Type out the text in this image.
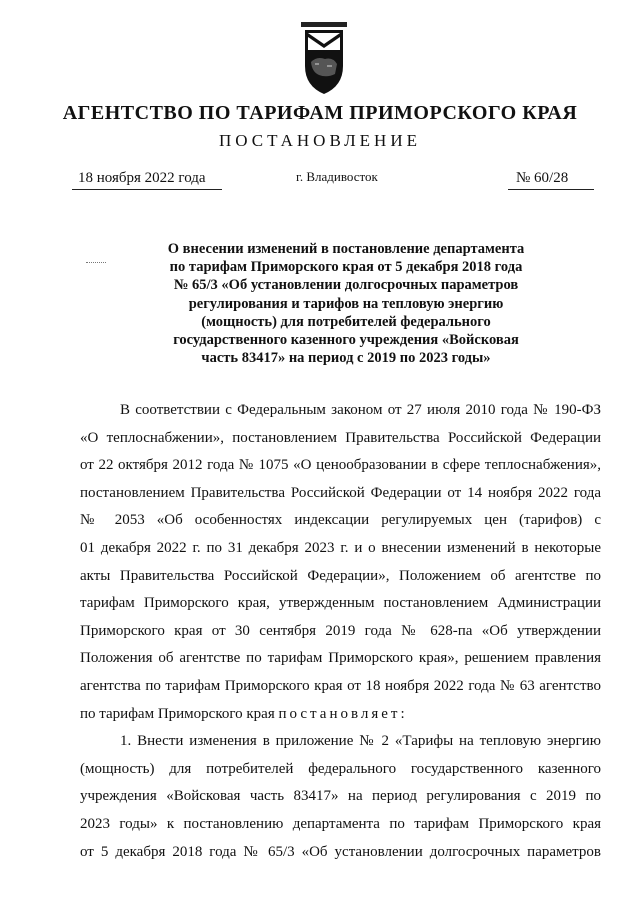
АГЕНТСТВО ПО ТАРИФАМ ПРИМОРСКОГО КРАЯ
ПОСТАНОВЛЕНИЕ
18 ноября 2022 года	г. Владивосток	№ 60/28
О внесении изменений в постановление департамента
по тарифам Приморского края от 5 декабря 2018 года
№ 65/3 «Об установлении долгосрочных параметров
регулирования и тарифов на тепловую энергию
(мощность) для потребителей федерального
государственного казенного учреждения «Войсковая
часть 83417» на период с 2019 по 2023 годы»
В соответствии с Федеральным законом от 27 июля 2010 года № 190-ФЗ
«О теплоснабжении», постановлением Правительства Российской Федерации
от 22 октября 2012 года № 1075 «О ценообразовании в сфере теплоснабжения»,
постановлением Правительства Российской Федерации от 14 ноября 2022 года
№ 2053 «Об особенностях индексации регулируемых цен (тарифов) с
01 декабря 2022 г. по 31 декабря 2023 г. и о внесении изменений в некоторые
акты Правительства Российской Федерации», Положением об агентстве по
тарифам Приморского края, утвержденным постановлением Администрации
Приморского края от 30 сентября 2019 года № 628-па «Об утверждении
Положения об агентстве по тарифам Приморского края», решением правления
агентства по тарифам Приморского края от 18 ноября 2022 года № 63 агентство
по тарифам Приморского края постановляет:
1. Внести изменения в приложение № 2 «Тарифы на тепловую энергию
(мощность) для потребителей федерального государственного казенного
учреждения «Войсковая часть 83417» на период регулирования с 2019 по
2023 годы» к постановлению департамента по тарифам Приморского края
от 5 декабря 2018 года № 65/3 «Об установлении долгосрочных параметров
